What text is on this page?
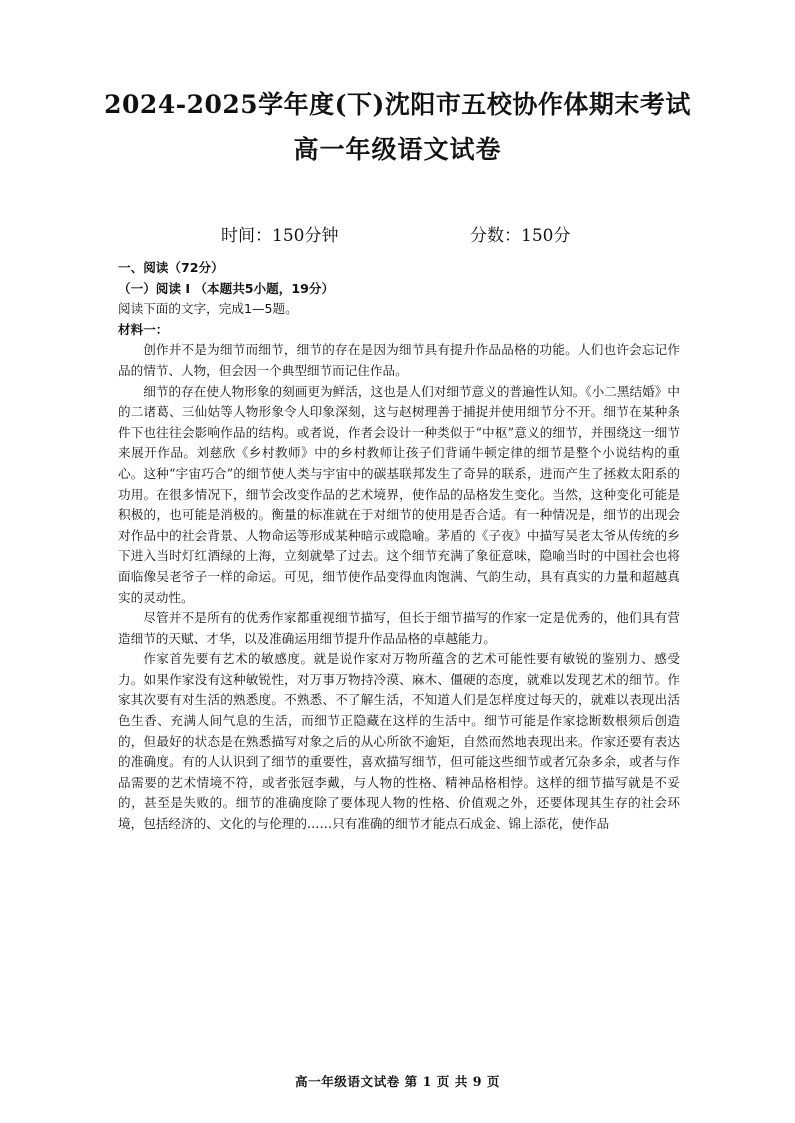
2024-2025学年度(下)沈阳市五校协作体期末考试
高一年级语文试卷
时间：150分钟	分数：150分

一、阅读（72分）

（一）阅读 I （本题共5小题，19分）

阅读下面的文字，完成1—5题。

材料一：

创作并不是为细节而细节，细节的存在是因为细节具有提升作品品格的功能。人们也许会忘记作品的情节、人物，但会因一个典型细节而记住作品。

细节的存在使人物形象的刻画更为鲜活，这也是人们对细节意义的普遍性认知。《小二黑结婚》中的二诸葛、三仙姑等人物形象令人印象深刻，这与赵树理善于捕捉并使用细节分不开。细节在某种条件下也往往会影响作品的结构。或者说，作者会设计一种类似于“中枢”意义的细节，并围绕这一细节来展开作品。刘慈欣《乡村教师》中的乡村教师让孩子们背诵牛顿定律的细节是整个小说结构的重心。这种“宇宙巧合”的细节使人类与宇宙中的碳基联邦发生了奇异的联系，进而产生了拯救太阳系的功用。在很多情况下，细节会改变作品的艺术境界，使作品的品格发生变化。当然，这种变化可能是积极的，也可能是消极的。衡量的标准就在于对细节的使用是否合适。有一种情况是，细节的出现会对作品中的社会背景、人物命运等形成某种暗示或隐喻。茅盾的《子夜》中描写吴老太爷从传统的乡下进入当时灯红酒绿的上海，立刻就晕了过去。这个细节充满了象征意味，隐喻当时的中国社会也将面临像吴老爷子一样的命运。可见，细节使作品变得血肉饱满、气韵生动，具有真实的力量和超越真实的灵动性。

尽管并不是所有的优秀作家都重视细节描写，但长于细节描写的作家一定是优秀的，他们具有营造细节的天赋、才华，以及准确运用细节提升作品品格的卓越能力。

作家首先要有艺术的敏感度。就是说作家对万物所蕴含的艺术可能性要有敏锐的鉴别力、感受力。如果作家没有这种敏锐性，对万事万物持冷漠、麻木、僵硬的态度，就难以发现艺术的细节。作家其次要有对生活的熟悉度。不熟悉、不了解生活，不知道人们是怎样度过每天的，就难以表现出活色生香、充满人间气息的生活，而细节正隐藏在这样的生活中。细节可能是作家捻断数根须后创造的，但最好的状态是在熟悉描写对象之后的从心所欲不逾矩，自然而然地表现出来。作家还要有表达的准确度。有的人认识到了细节的重要性，喜欢描写细节，但可能这些细节或者冗杂多余，或者与作品需要的艺术情境不符，或者张冠李戴，与人物的性格、精神品格相悖。这样的细节描写就是不妥的，甚至是失败的。细节的准确度除了要体现人物的性格、价值观之外，还要体现其生存的社会环境，包括经济的、文化的与伦理的……只有准确的细节才能点石成金、锦上添花，使作品

高一年级语文试卷 第 1 页 共 9 页
